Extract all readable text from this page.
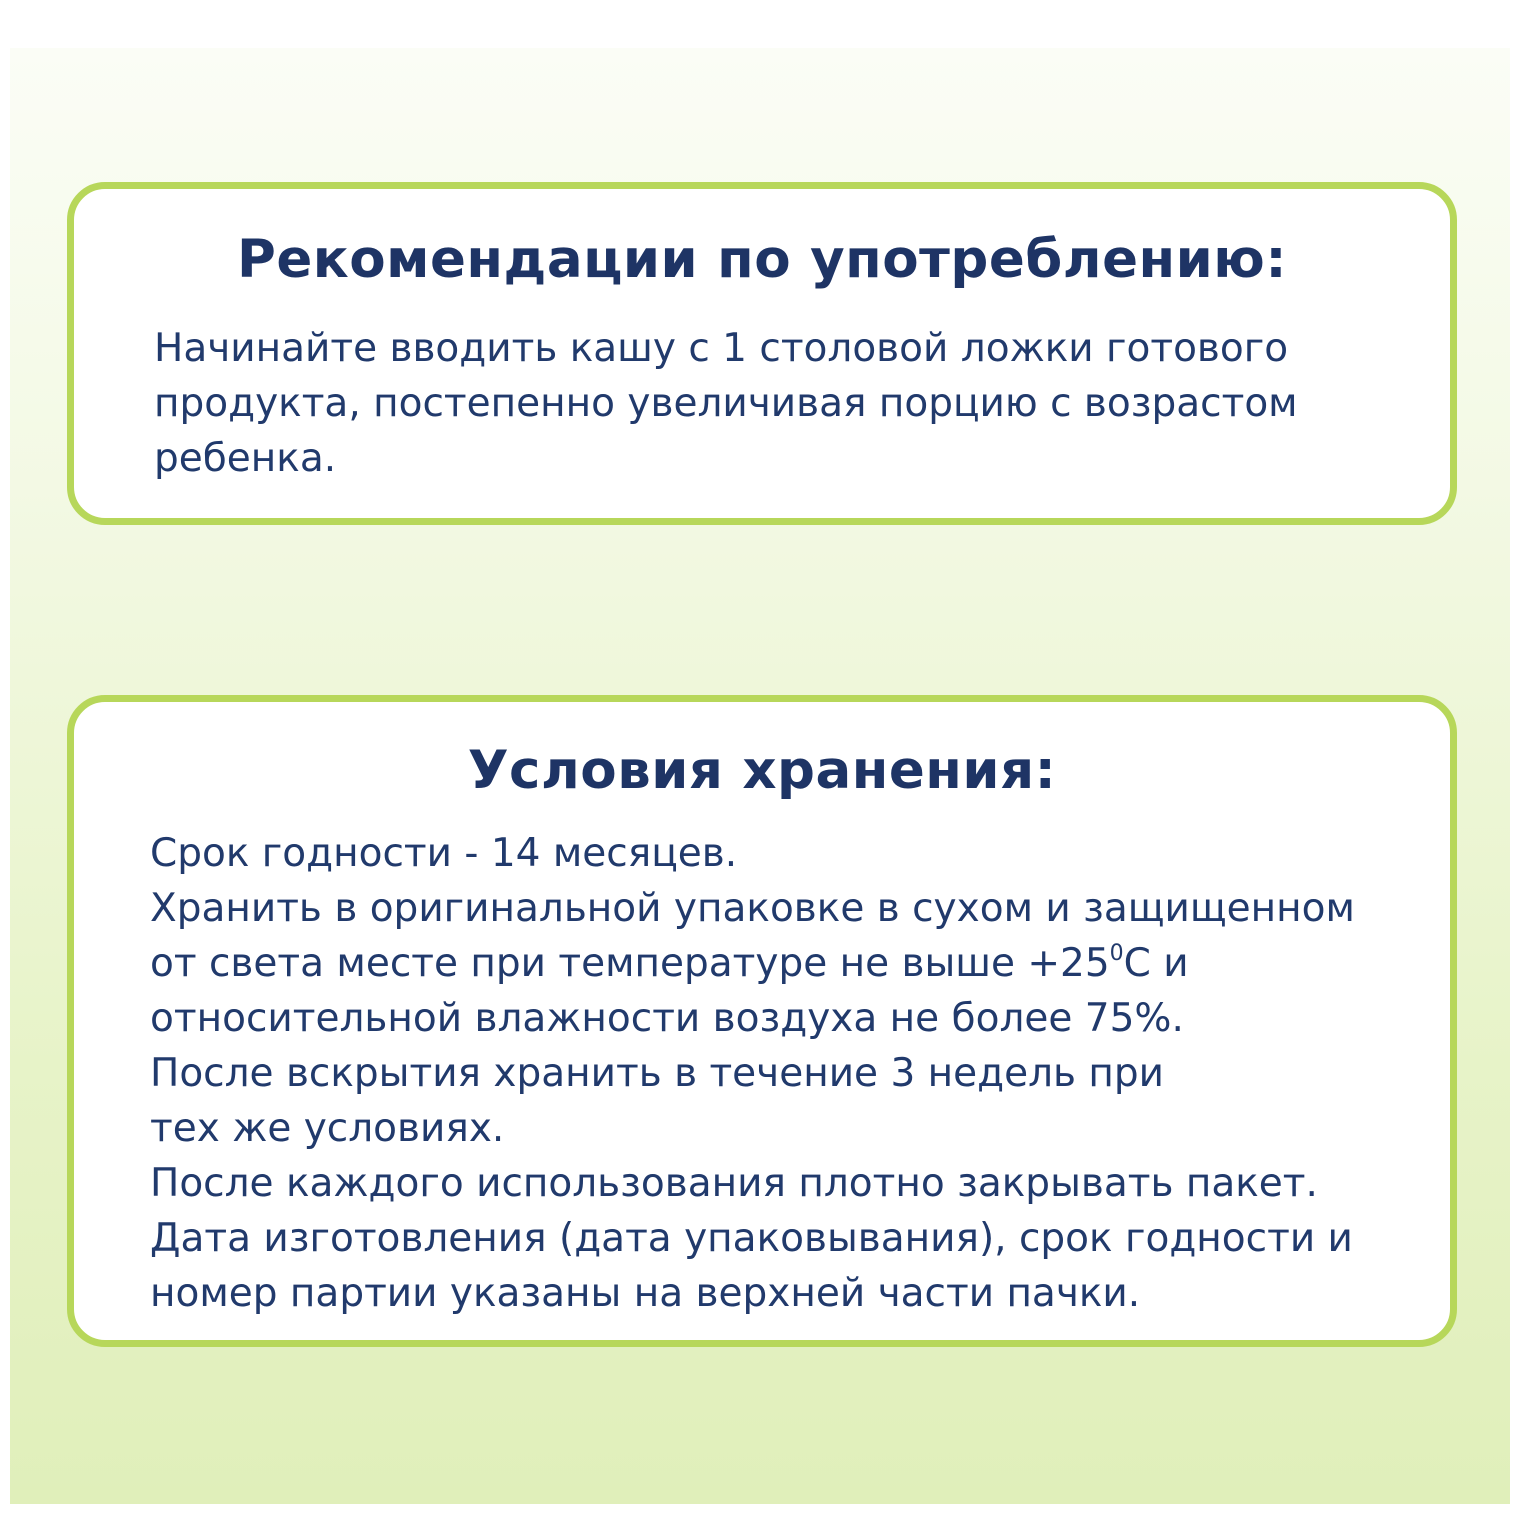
Рекомендации по употреблению:

Начинайте вводить кашу с 1 столовой ложки готового
продукта, постепенно увеличивая порцию с возрастом
ребенка.

Условия хранения:

Срок годности - 14 месяцев.
Хранить в оригинальной упаковке в сухом и защищенном
от света месте при температуре не выше $+25^0С$ и
относительной влажности воздуха не более 75%.
После вскрытия хранить в течение 3 недель при
тех же условиях.
После каждого использования плотно закрывать пакет.
Дата изготовления (дата упаковывания), срок годности и
номер партии указаны на верхней части пачки.
